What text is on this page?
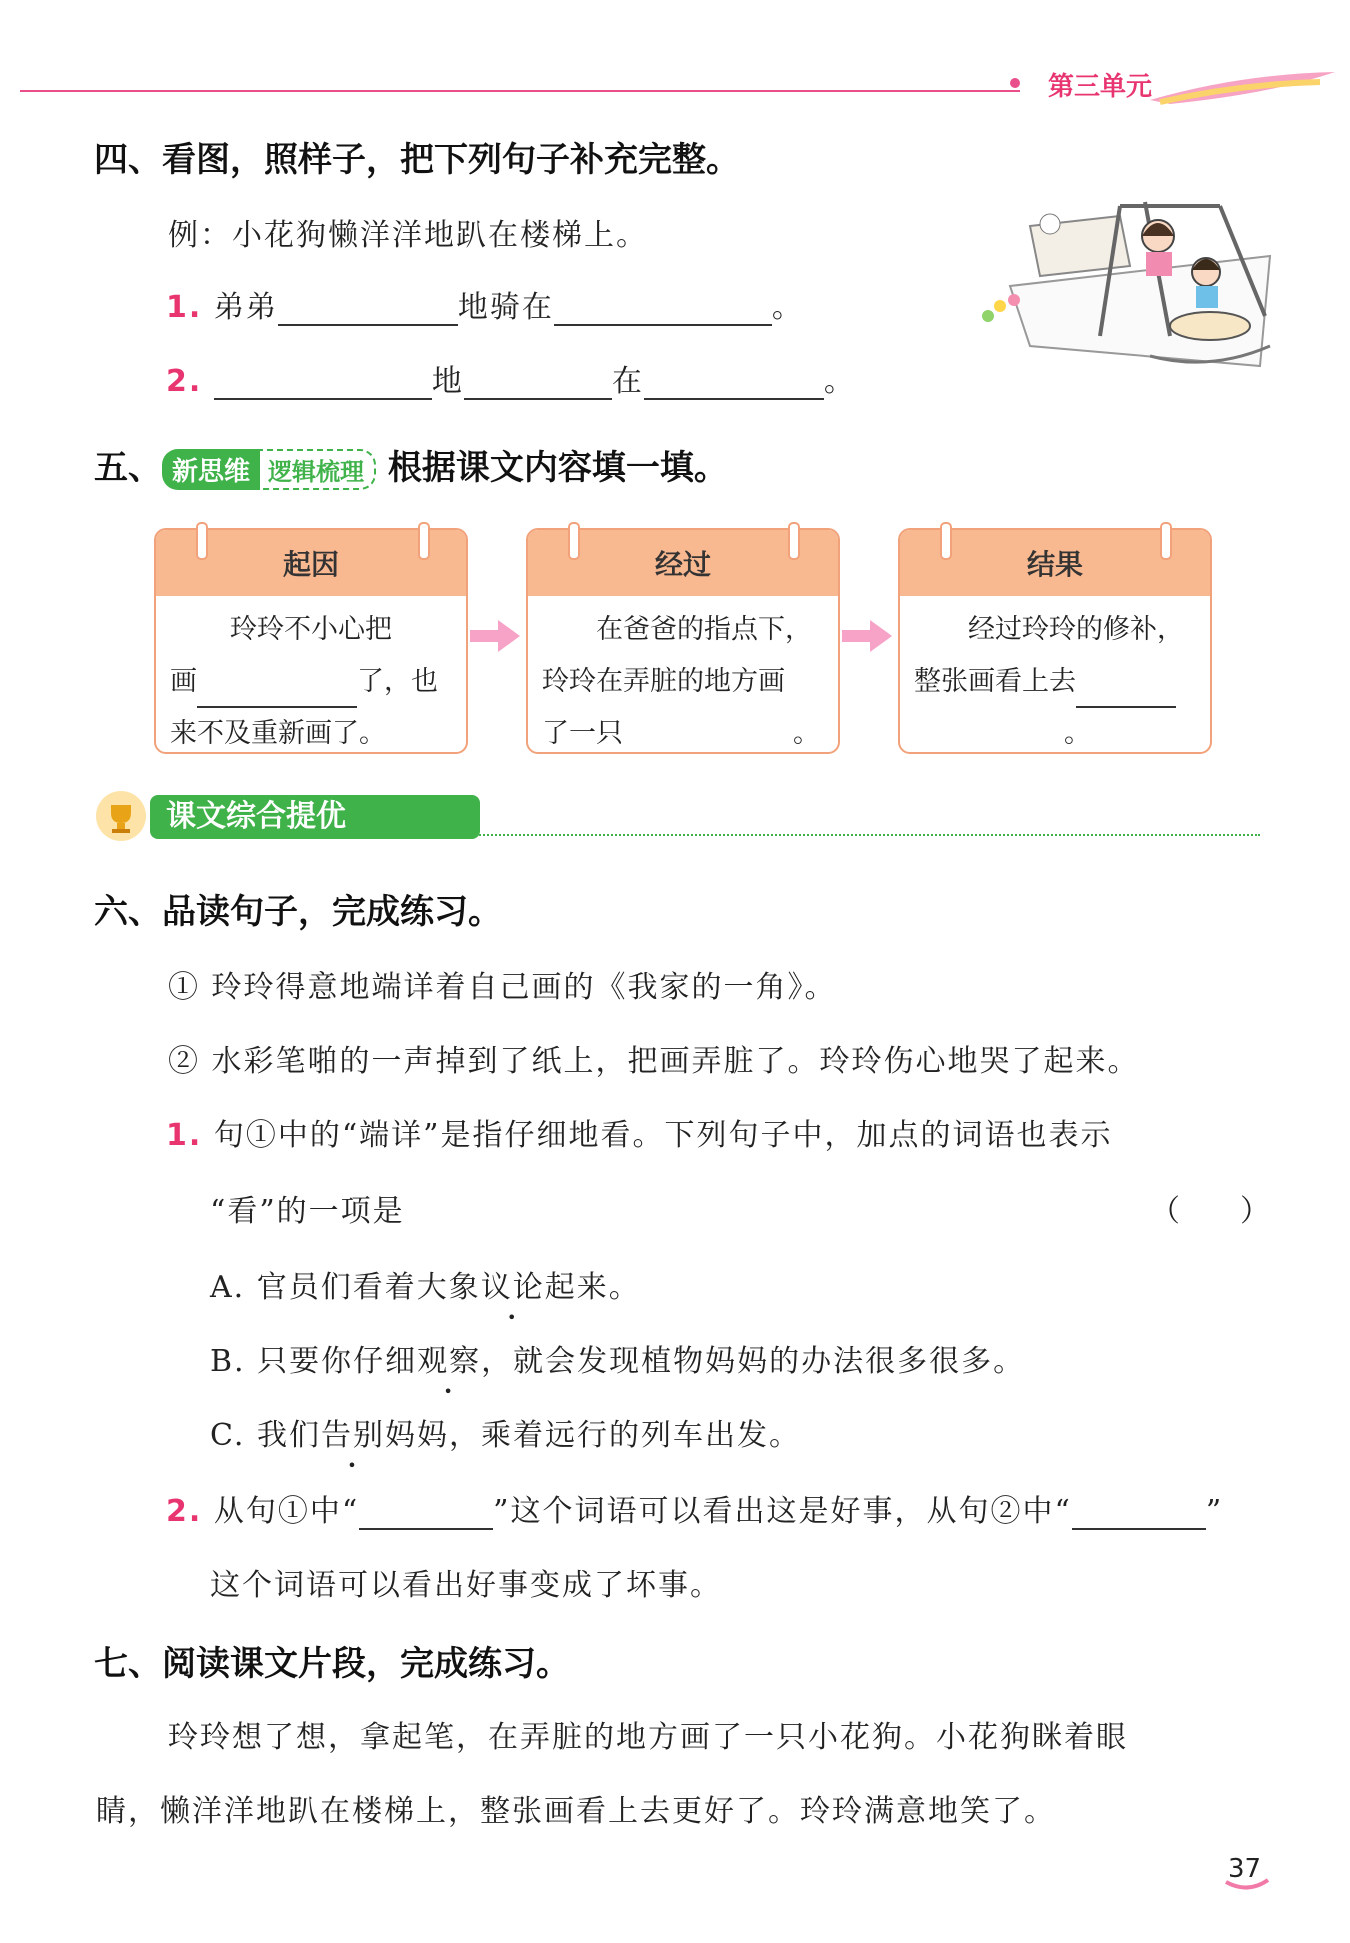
第三单元
四、看图，照样子，把下列句子补充完整。
例：小花狗懒洋洋地趴在楼梯上。
1. 弟弟	地骑在	。
2.	地	在	。
五、 新思维 逻辑梳理 根据课文内容填一填。
起因
玲玲不小心把
画	了，也
来不及重新画了。
经过
在爸爸的指点下，
玲玲在弄脏的地方画
了一只	。
结果
经过玲玲的修补，
整张画看上去
。
课文综合提优
六、品读句子，完成练习。
① 玲玲得意地端详着自己画的《我家的一角》。
② 水彩笔啪的一声掉到了纸上，把画弄脏了。玲玲伤心地哭了起来。
1. 句①中的“端详”是指仔细地看。下列句子中，加点的词语也表示
“看”的一项是	（　　）
A. 官员们看着大象议论起来。
B. 只要你仔细观察，就会发现植物妈妈的办法很多很多。
C. 我们告别妈妈，乘着远行的列车出发。
2. 从句①中“	”这个词语可以看出这是好事，从句②中“	”
这个词语可以看出好事变成了坏事。
七、阅读课文片段，完成练习。
玲玲想了想，拿起笔，在弄脏的地方画了一只小花狗。小花狗眯着眼
睛，懒洋洋地趴在楼梯上，整张画看上去更好了。玲玲满意地笑了。
37
